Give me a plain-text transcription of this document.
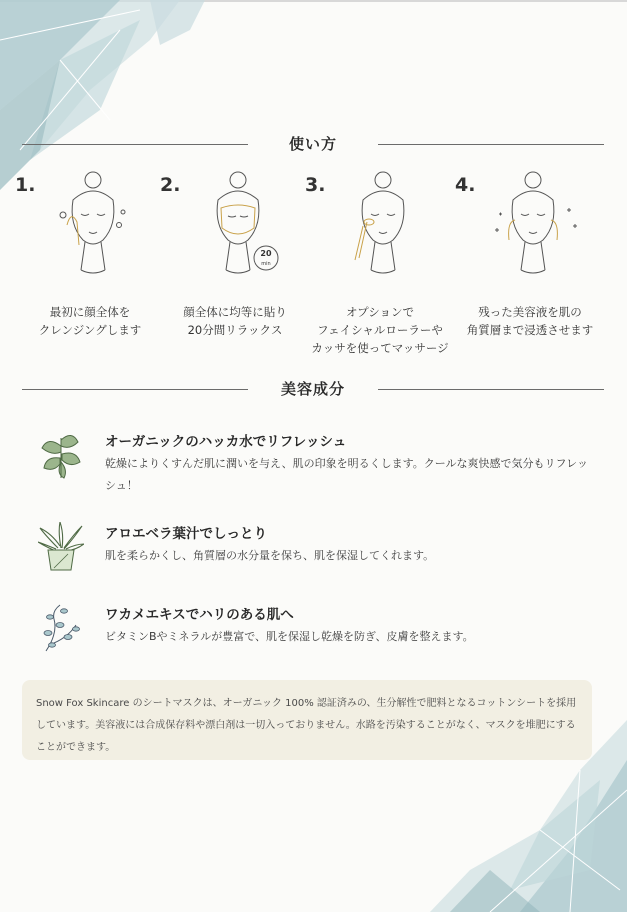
使い方
1.
最初に顔全体を
クレンジングします
2.
20
min
顔全体に均等に貼り
20分間リラックス
3.
オプションで
フェイシャルローラーや
カッサを使ってマッサージ
4.
残った美容液を肌の
角質層まで浸透させます
美容成分
オーガニックのハッカ水でリフレッシュ
乾燥によりくすんだ肌に潤いを与え、肌の印象を明るくします。クールな爽快感で気分もリフレッシュ！
アロエベラ葉汁でしっとり
肌を柔らかくし、角質層の水分量を保ち、肌を保湿してくれます。
ワカメエキスでハリのある肌へ
ビタミンBやミネラルが豊富で、肌を保湿し乾燥を防ぎ、皮膚を整えます。

Snow Fox Skincare のシートマスクは、オーガニック 100% 認証済みの、生分解性で肥料となるコットンシートを採用しています。美容液には合成保存料や漂白剤は一切入っておりません。水路を汚染することがなく、マスクを堆肥にすることができます。
